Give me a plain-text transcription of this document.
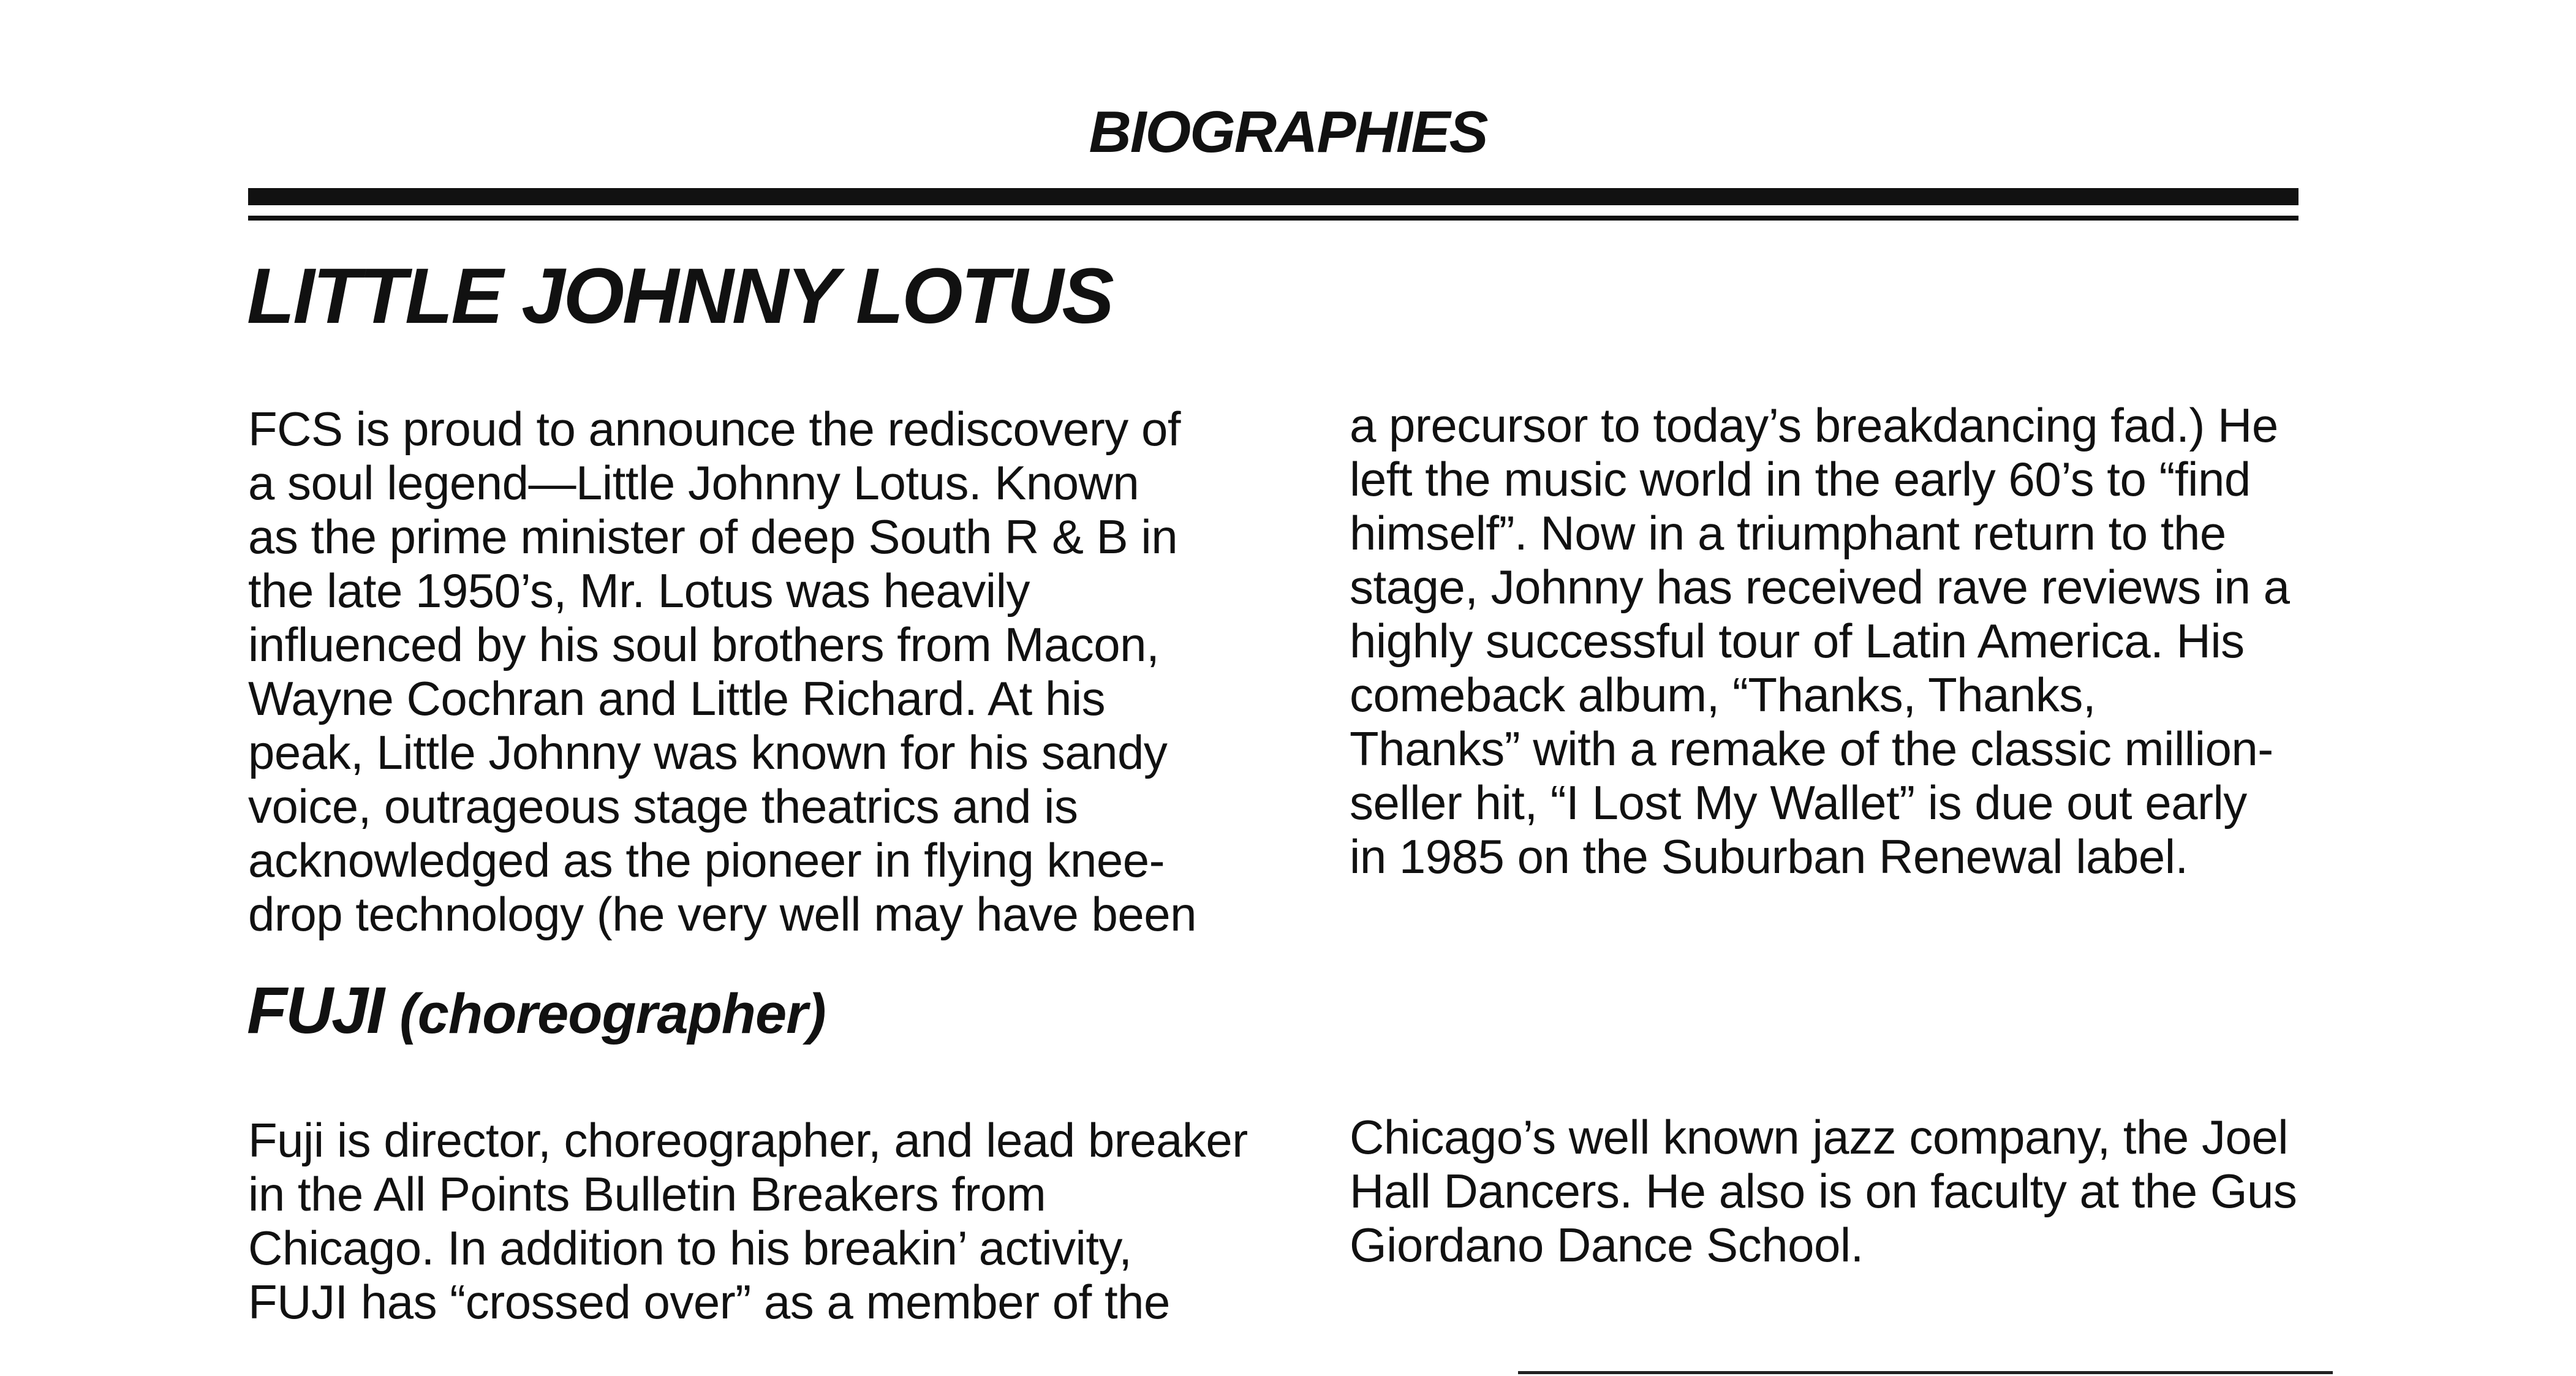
BIOGRAPHIES
LITTLE JOHNNY LOTUS

FCS is proud to announce the rediscovery of
a soul legend—Little Johnny Lotus. Known
as the prime minister of deep South R & B in
the late 1950’s, Mr. Lotus was heavily
influenced by his soul brothers from Macon,
Wayne Cochran and Little Richard. At his
peak, Little Johnny was known for his sandy
voice, outrageous stage theatrics and is
acknowledged as the pioneer in flying knee-
drop technology (he very well may have been

a precursor to today’s breakdancing fad.) He
left the music world in the early 60’s to “find
himself”. Now in a triumphant return to the
stage, Johnny has received rave reviews in a
highly successful tour of Latin America. His
comeback album, “Thanks, Thanks,
Thanks” with a remake of the classic million-
seller hit, “I Lost My Wallet” is due out early
in 1985 on the Suburban Renewal label.

FUJI (choreographer)

Fuji is director, choreographer, and lead breaker
in the All Points Bulletin Breakers from
Chicago. In addition to his breakin’ activity,
FUJI has “crossed over” as a member of the

Chicago’s well known jazz company, the Joel
Hall Dancers. He also is on faculty at the Gus
Giordano Dance School.
